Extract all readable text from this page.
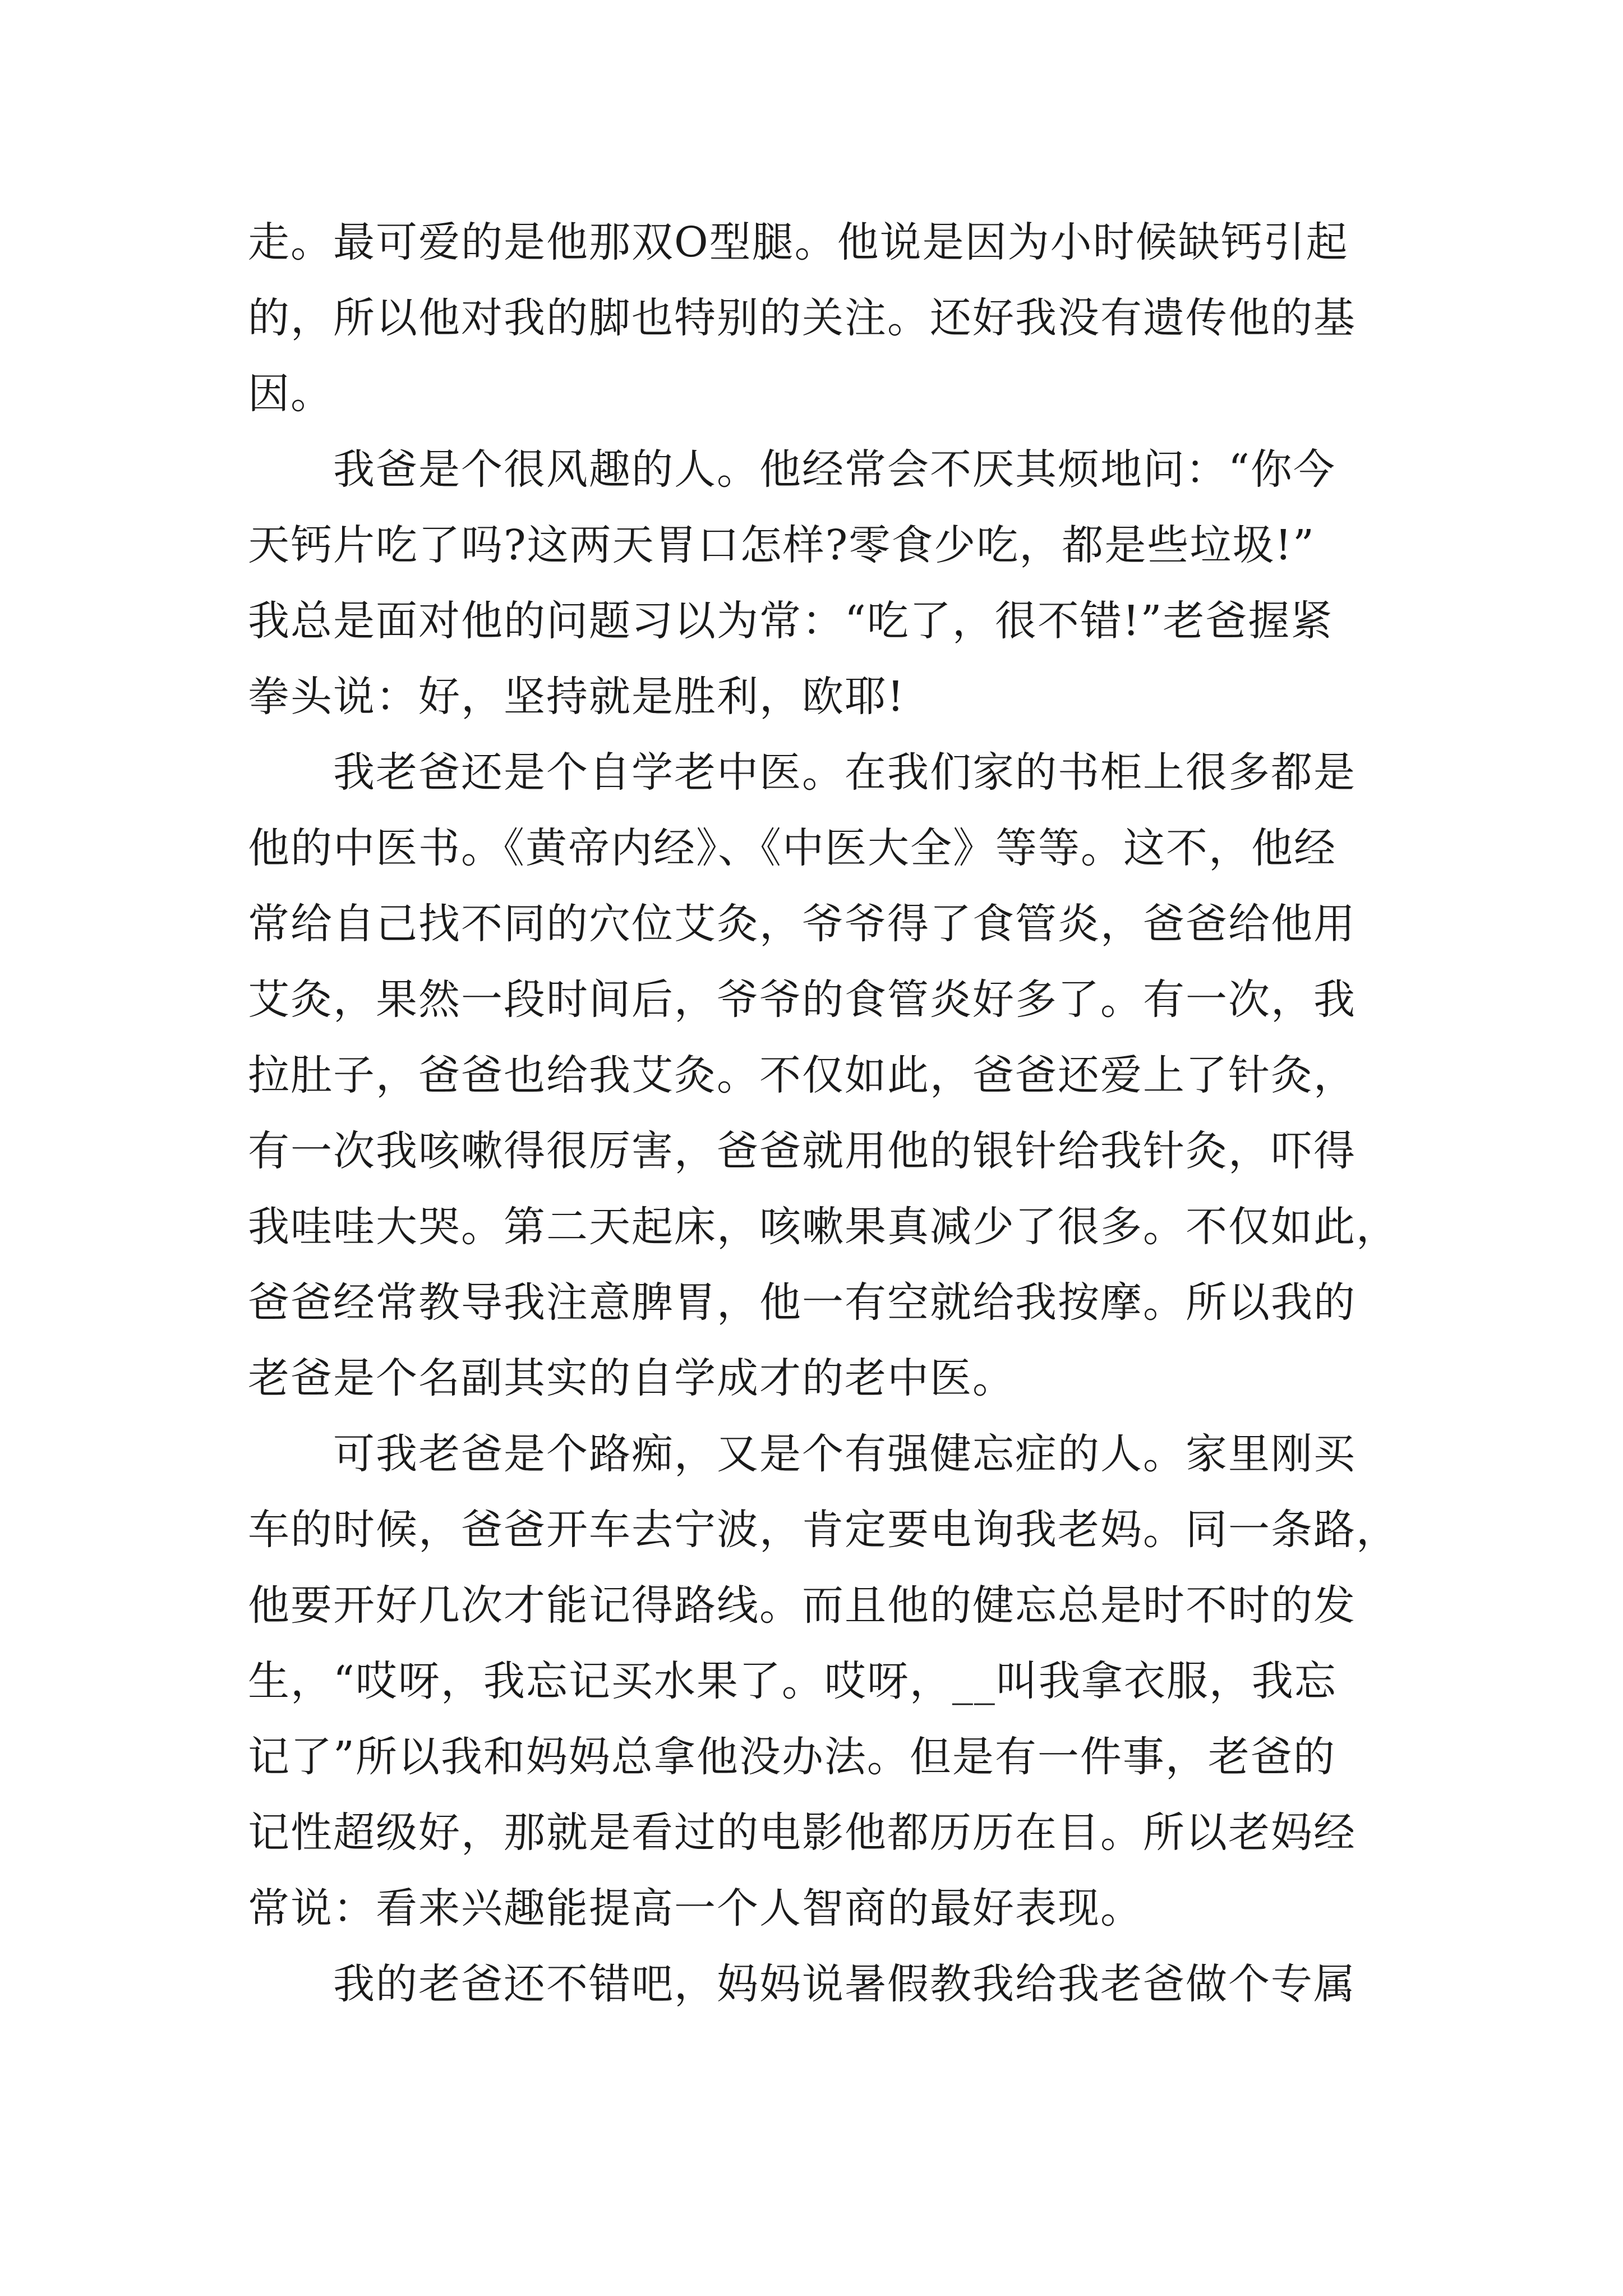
走。最可爱的是他那双O型腿。他说是因为小时候缺钙引起
的，所以他对我的脚也特别的关注。还好我没有遗传他的基
因。
　　我爸是个很风趣的人。他经常会不厌其烦地问：“你今
天钙片吃了吗?这两天胃口怎样?零食少吃，都是些垃圾!”
我总是面对他的问题习以为常：“吃了，很不错!”老爸握紧
拳头说：好，坚持就是胜利，欧耶!
　　我老爸还是个自学老中医。在我们家的书柜上很多都是
他的中医书。《黄帝内经》、《中医大全》等等。这不，他经
常给自己找不同的穴位艾灸，爷爷得了食管炎，爸爸给他用
艾灸，果然一段时间后，爷爷的食管炎好多了。有一次，我
拉肚子，爸爸也给我艾灸。不仅如此，爸爸还爱上了针灸，
有一次我咳嗽得很厉害，爸爸就用他的银针给我针灸，吓得
我哇哇大哭。第二天起床，咳嗽果真减少了很多。不仅如此，
爸爸经常教导我注意脾胃，他一有空就给我按摩。所以我的
老爸是个名副其实的自学成才的老中医。
　　可我老爸是个路痴，又是个有强健忘症的人。家里刚买
车的时候，爸爸开车去宁波，肯定要电询我老妈。同一条路，
他要开好几次才能记得路线。而且他的健忘总是时不时的发
生，“哎呀，我忘记买水果了。哎呀，__叫我拿衣服，我忘
记了”所以我和妈妈总拿他没办法。但是有一件事，老爸的
记性超级好，那就是看过的电影他都历历在目。所以老妈经
常说：看来兴趣能提高一个人智商的最好表现。
　　我的老爸还不错吧，妈妈说暑假教我给我老爸做个专属
